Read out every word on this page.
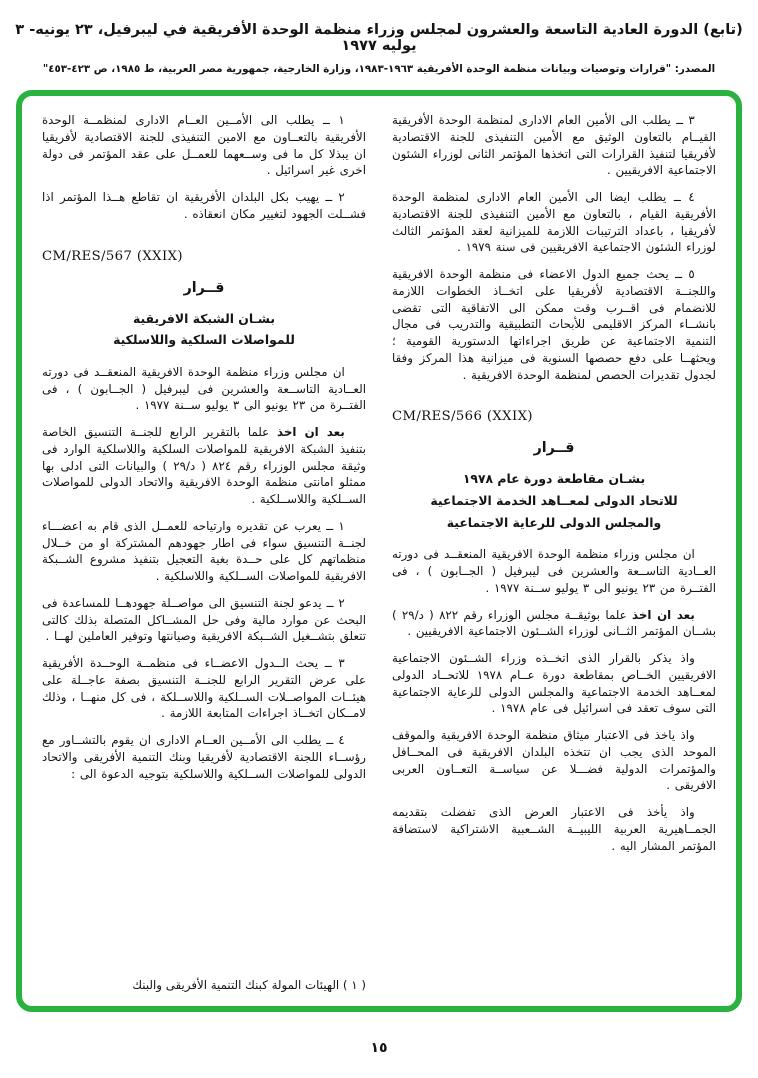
(تابع) الدورة العادية التاسعة والعشرون لمجلس وزراء منظمة الوحدة الأفريقية في ليبرفيل، ٢٣ يونيه- ٣ يوليه ١٩٧٧
المصدر: "قرارات وتوصيات وبيانات منظمة الوحدة الأفريقية ١٩٦٣-١٩٨٣، وزارة الخارجية، جمهورية مصر العربية، ط ١٩٨٥، ص ٤٢٣-٤٥٣"

٣ ــ يطلب الى الأمين العام الادارى لمنظمة الوحدة الأفريقية القيــام بالتعاون الوثيق مع الأمين التنفيذى للجنة الاقتصادية لأفريقيا لتنفيذ القرارات التى اتخذها المؤتمر الثانى لوزراء الشئون الاجتماعية الافريقيين .

٤ ــ يطلب ايضا الى الأمين العام الادارى لمنظمة الوحدة الأفريقية القيام ، بالتعاون مع الأمين التنفيذى للجنة الاقتصادية لأفريقيا ، باعداد الترتيبات اللازمة للميزانية لعقد المؤتمر الثالث لوزراء الشئون الاجتماعية الافريقيين فى سنة ١٩٧٩ .

٥ ــ يحث جميع الدول الاعضاء فى منظمة الوحدة الافريقية واللجنــة الاقتصادية لأفريقيا على اتخــاذ الخطوات اللازمة للانضمام فى اقــرب وقت ممكن الى الاتفاقية التى تقضى بانشــاء المركز الاقليمى للأبحاث التطبيقية والتدريب فى مجال التنمية الاجتماعية عن طريق اجراءاتها الدستورية القومية ؛ ويحثهــا على دفع حصصها السنوية فى ميزانية هذا المركز وفقا لجدول تقديرات الحصص لمنظمة الوحدة الافريقية .

CM/RES/566 (XXIX)
قــرار
بشـان مقاطعة دورة عام ١٩٧٨
للاتحاد الدولى لمعــاهد الخدمة الاجتماعية
والمجلس الدولى للرعاية الاجتماعية

ان مجلس وزراء منظمة الوحدة الافريقية المنعقــد فى دورته العــادية التاســعة والعشرين فى ليبرفيل ( الجــابون ) ، فى الفتــرة من ٢٣ يونيو الى ٣ يوليو ســنة ١٩٧٧ .

بعد ان اخذ علما بوثيقــة مجلس الوزراء رقم ٨٢٢ ( د/٢٩ ) بشــان المؤتمر الثــانى لوزراء الشــئون الاجتماعية الافريقيين .

واذ يذكر بالقرار الذى اتخــذه وزراء الشــئون الاجتماعية الافريقيين الخــاص بمقاطعة دورة عــام ١٩٧٨ للاتحــاد الدولى لمعــاهد الخدمة الاجتماعية والمجلس الدولى للرعاية الاجتماعية التى سوف تعقد فى اسرائيل فى عام ١٩٧٨ .

واذ ياخذ فى الاعتبار ميثاق منظمة الوحدة الافريقية والموقف الموحد الذى يجب ان تتخذه البلدان الافريقية فى المحــافل والمؤتمرات الدولية فضـــلا عن سياســة التعــاون العربى الافريقى .

واذ يأخذ فى الاعتبار العرض الذى تفضلت بتقديمه الجمــاهيرية العربية الليبيــة الشــعبية الاشتراكية لاستضافة المؤتمر المشار اليه .

١ ــ يطلب الى الأمــين العــام الادارى لمنظمــة الوحدة الأفريقية بالتعــاون مع الامين التنفيذى للجنة الاقتصادية لأفريقيا ان يبذلا كل ما فى وســعهما للعمــل على عقد المؤتمر فى دولة اخرى غير اسرائيل .

٢ ــ يهيب بكل البلدان الأفريقية ان تقاطع هــذا المؤتمر اذا فشــلت الجهود لتغيير مكان انعقاذه .

CM/RES/567 (XXIX)
قــرار
بشـان الشبكة الافريقية
للمواصلات السلكية واللاسلكية

ان مجلس وزراء منظمة الوحدة الافريقية المنعقــد فى دورته العــادية التاســعة والعشرين فى ليبرفيل ( الجــابون ) ، فى الفتــرة من ٢٣ يونيو الى ٣ يوليو ســنة ١٩٧٧ .

بعد ان اخذ علما بالتقرير الرابع للجنــة التنسيق الخاصة بتنفيذ الشبكة الافريقية للمواصلات السلكية واللاسلكية الوارد فى وثيقة مجلس الوزراء رقم ٨٢٤ ( د/٢٩ ) والبيانات التى ادلى بها ممثلو امانتى منظمة الوحدة الافريقية والاتحاد الدولى للمواصلات الســلكية واللاســلكية .

١ ــ يعرب عن تقديره وارتياحه للعمــل الذى قام به اعضـــاء لجنــة التنسيق سواء فى اطار جهودهم المشتركة او من خــلال منظماتهم كل على حــدة بغية التعجيل بتنفيذ مشروع الشــبكة الافريقية للمواصلات الســلكية واللاسلكية .

٢ ــ يدعو لجنة التنسيق الى مواصــلة جهودهــا للمساعدة فى البحث عن موارد مالية وفى حل المشــاكل المتصلة بذلك كالتى تتعلق بتشــغيل الشــبكة الافريقية وصيانتها وتوفير العاملين لهــا .

٣ ــ يحث الــدول الاعضــاء فى منظمــة الوحــدة الأفريقية على عرض التقرير الرابع للجنــة التنسيق بصفة عاجــلة على هيئــات المواصــلات الســلكية واللاســلكة ، فى كل منهــا ، وذلك لامــكان اتخــاذ اجراءات المتابعة اللازمة .

٤ ــ يطلب الى الأمــين العــام الادارى ان يقوم بالتشــاور مع رؤســاء اللجنة الاقتصادية لأفريقيا وبنك التنمية الأفريقى والاتحاد الدولى للمواصلات الســلكية واللاسلكية بتوجيه الدعوة الى :

( ١ ) الهيئات المولة كبنك التنمية الأفريقى والبنك
١٥
